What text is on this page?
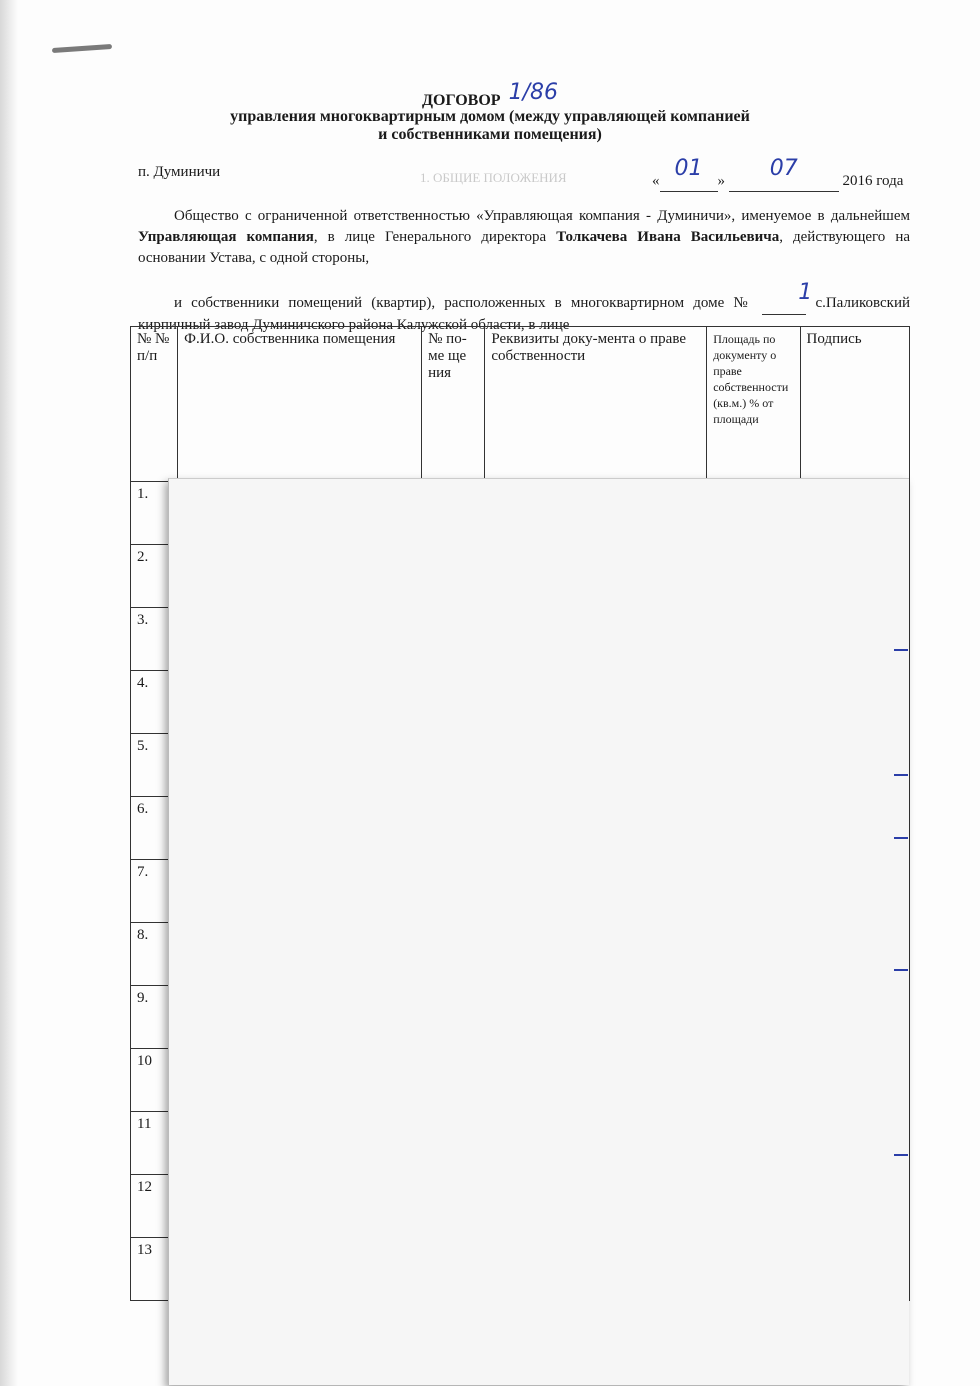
1. ОБЩИЕ ПОЛОЖЕНИЯ
ДОГОВОР 1/86
управления многоквартирным домом (между управляющей компанией
и собственниками помещения)
п. Думиничи
« 01 » 07	2016 года
Общество с ограниченной ответственностью «Управляющая компания - Думиничи», именуемое в дальнейшем Управляющая компания, в лице Генерального директора Толкачева Ивана Васильевича, действующего на основании Устава, с одной стороны,
и собственники помещений (квартир), расположенных в многоквартирном доме № 1 с.Паликовский кирпичный завод Думиничского района Калужской области, в лице
№ № п/п	Ф.И.О. собственника помещения	№ по-ме ще ния	Реквизиты доку-мента о праве собственности	Площадь по документу о праве собственности (кв.м.) % от площади	Подпись
1.					
2.					
3.					
4.					
5.					
6.					
7.					
8.					
9.					
10					
11					
12					
13					
